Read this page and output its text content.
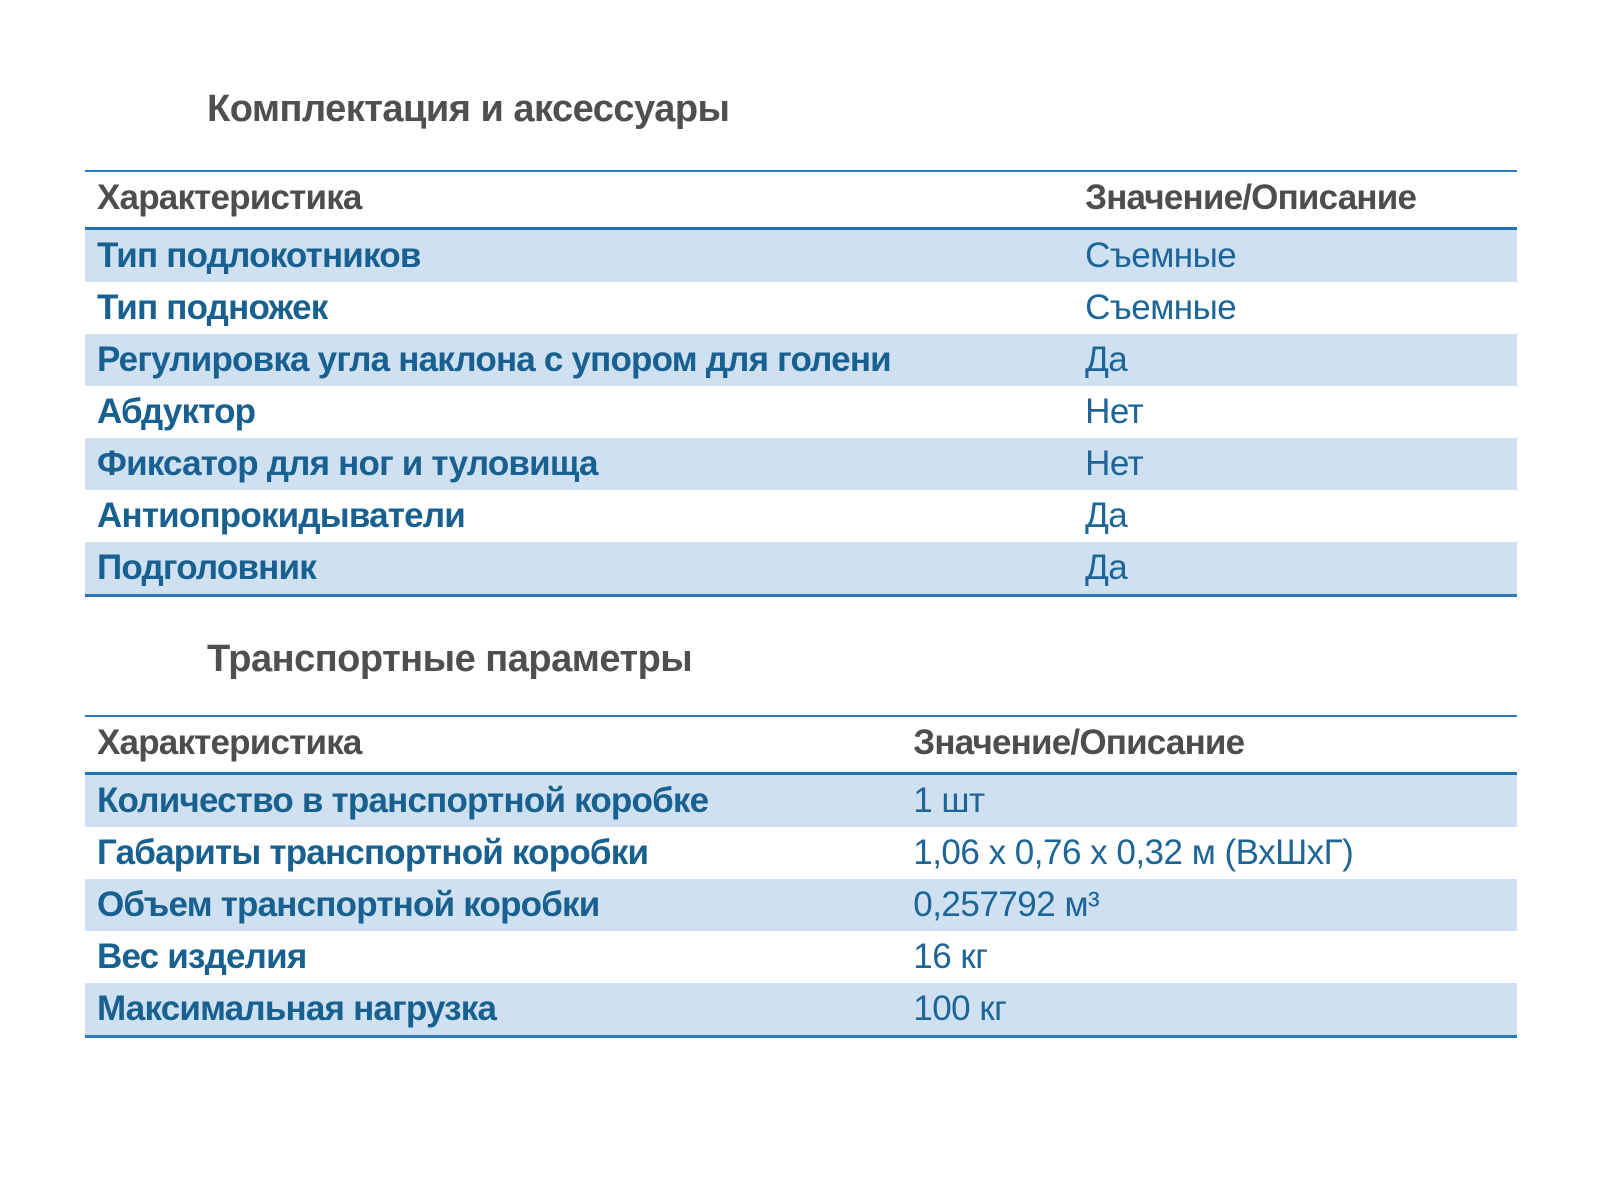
Комплектация и аксессуары
Характеристика	Значение/Описание
Тип подлокотников	Съемные
Тип подножек	Съемные
Регулировка угла наклона с упором для голени	Да
Абдуктор	Нет
Фиксатор для ног и туловища	Нет
Антиопрокидыватели	Да
Подголовник	Да
Транспортные параметры
Характеристика	Значение/Описание
Количество в транспортной коробке	1 шт
Габариты транспортной коробки	1,06 х 0,76 х 0,32 м (ВхШхГ)
Объем транспортной коробки	0,257792 м³
Вес изделия	16 кг
Максимальная нагрузка	100 кг
